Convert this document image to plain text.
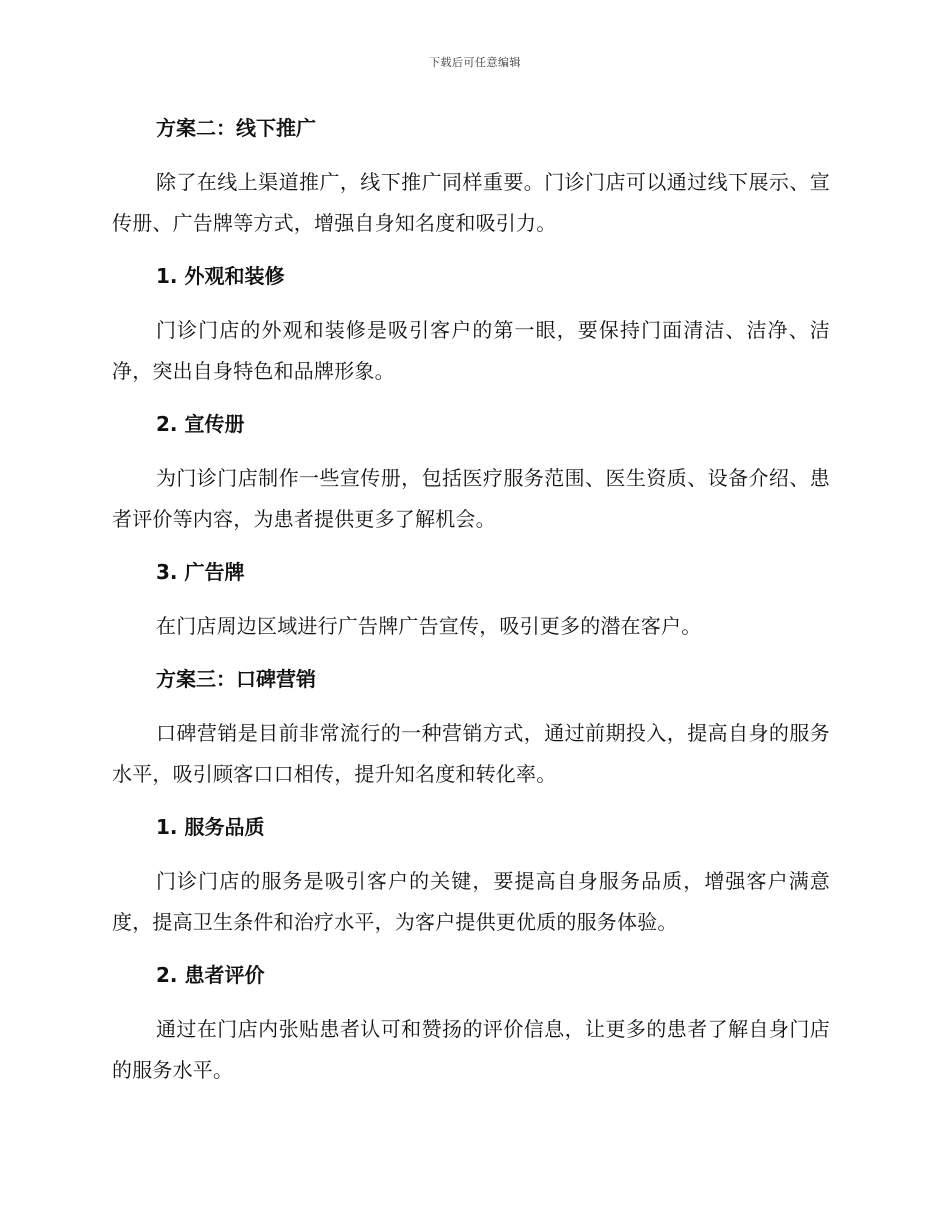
下载后可任意编辑
方案二：线下推广
除了在线上渠道推广，线下推广同样重要。门诊门店可以通过线下展示、宣传册、广告牌等方式，增强自身知名度和吸引力。
1. 外观和装修
门诊门店的外观和装修是吸引客户的第一眼，要保持门面清洁、洁净、洁净，突出自身特色和品牌形象。
2. 宣传册
为门诊门店制作一些宣传册，包括医疗服务范围、医生资质、设备介绍、患者评价等内容，为患者提供更多了解机会。
3. 广告牌
在门店周边区域进行广告牌广告宣传，吸引更多的潜在客户。
方案三：口碑营销
口碑营销是目前非常流行的一种营销方式，通过前期投入，提高自身的服务水平，吸引顾客口口相传，提升知名度和转化率。
1. 服务品质
门诊门店的服务是吸引客户的关键，要提高自身服务品质，增强客户满意度，提高卫生条件和治疗水平，为客户提供更优质的服务体验。
2. 患者评价
通过在门店内张贴患者认可和赞扬的评价信息，让更多的患者了解自身门店的服务水平。
